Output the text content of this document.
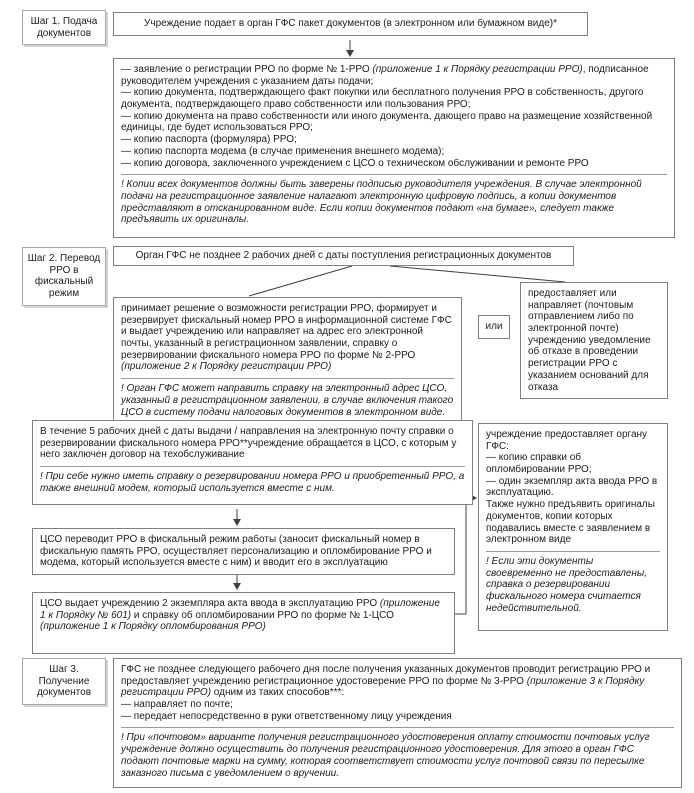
Шаг 1. Подача документов
Учреждение подает в орган ГФС пакет документов (в электронном или бумажном виде)*
— заявление о регистрации РРО по форме № 1-РРО (приложение 1 к Порядку регистрации РРО), подписанное руководителем учреждения с указанием даты подачи;
— копию документа, подтверждающего факт покупки или бесплатного получения РРО в собственность, другого документа, подтверждающего право собственности или пользования РРО;
— копию документа на право собственности или иного документа, дающего право на размещение хозяйственной единицы, где будет использоваться РРО;
— копию паспорта (формуляра) РРО;
— копию паспорта модема (в случае применения внешнего модема);
— копию договора, заключенного учреждением с ЦСО о техническом обслуживании и ремонте РРО
! Копии всех документов должны быть заверены подписью руководителя учреждения. В случае электронной подачи на регистрационное заявление налагают электронную цифровую подпись, а копии документов представляют в отсканированном виде. Если копии документов подают «на бумаге», следует также предъявить их оригиналы.
Шаг 2. Перевод РРО в фискальный режим
Орган ГФС не позднее 2 рабочих дней с даты поступления регистрационных документов
принимает решение о возможности регистрации РРО, формирует и резервирует фискальный номер РРО в информационной системе ГФС и выдает учреждению или направляет на адрес его электронной почты, указанный в регистрационном заявлении, справку о резервировании фискального номера РРО по форме № 2-РРО (приложение 2 к Порядку регистрации РРО)
! Орган ГФС может направить справку на электронный адрес ЦСО, указанный в регистрационном заявлении, в случае включения такого ЦСО в систему подачи налоговых документов в электронном виде.
или
предоставляет или направляет (почтовым отправлением либо по электронной почте) учреждению уведомление об отказе в проведении регистрации РРО с указанием оснований для отказа
В течение 5 рабочих дней с даты выдачи / направления на электронную почту справки о резервировании фискального номера РРО**учреждение обращается в ЦСО, с которым у него заключен договор на техобслуживание
! При себе нужно иметь справку о резервировании номера РРО и приобретенный РРО, а также внешний модем, который используется вместе с ним.
ЦСО переводит РРО в фискальный режим работы (заносит фискальный номер в фискальную память РРО, осуществляет персонализацию и опломбирование РРО и модема, который используется вместе с ним) и вводит его в эксплуатацию
ЦСО выдает учреждению 2 экземпляра акта ввода в эксплуатацию РРО (приложение 1 к Порядку № 601) и справку об опломбировании РРО по форме № 1-ЦСО (приложение 1 к Порядку опломбирования РРО)
учреждение предоставляет органу ГФС:
— копию справки об опломбировании РРО;
— один экземпляр акта ввода РРО в эксплуатацию.
Также нужно предъявить оригиналы документов, копии которых подавались вместе с заявлением в электронном виде
! Если эти документы своевременно не предоставлены, справка о резервировании фискального номера считается недействительной.
Шаг 3. Получение документов
ГФС не позднее следующего рабочего дня после получения указанных документов проводит регистрацию РРО и предоставляет учреждению регистрационное удостоверение РРО по форме № 3-РРО (приложение 3 к Порядку регистрации РРО) одним из таких способов***:
— направляет по почте;
— передает непосредственно в руки ответственному лицу учреждения
! При «почтовом» варианте получения регистрационного удостоверения оплату стоимости почтовых услуг учреждение должно осуществить до получения регистрационного удостоверения. Для этого в орган ГФС подают почтовые марки на сумму, которая соответствует стоимости услуг почтовой связи по пересылке заказного письма с уведомлением о вручении.
